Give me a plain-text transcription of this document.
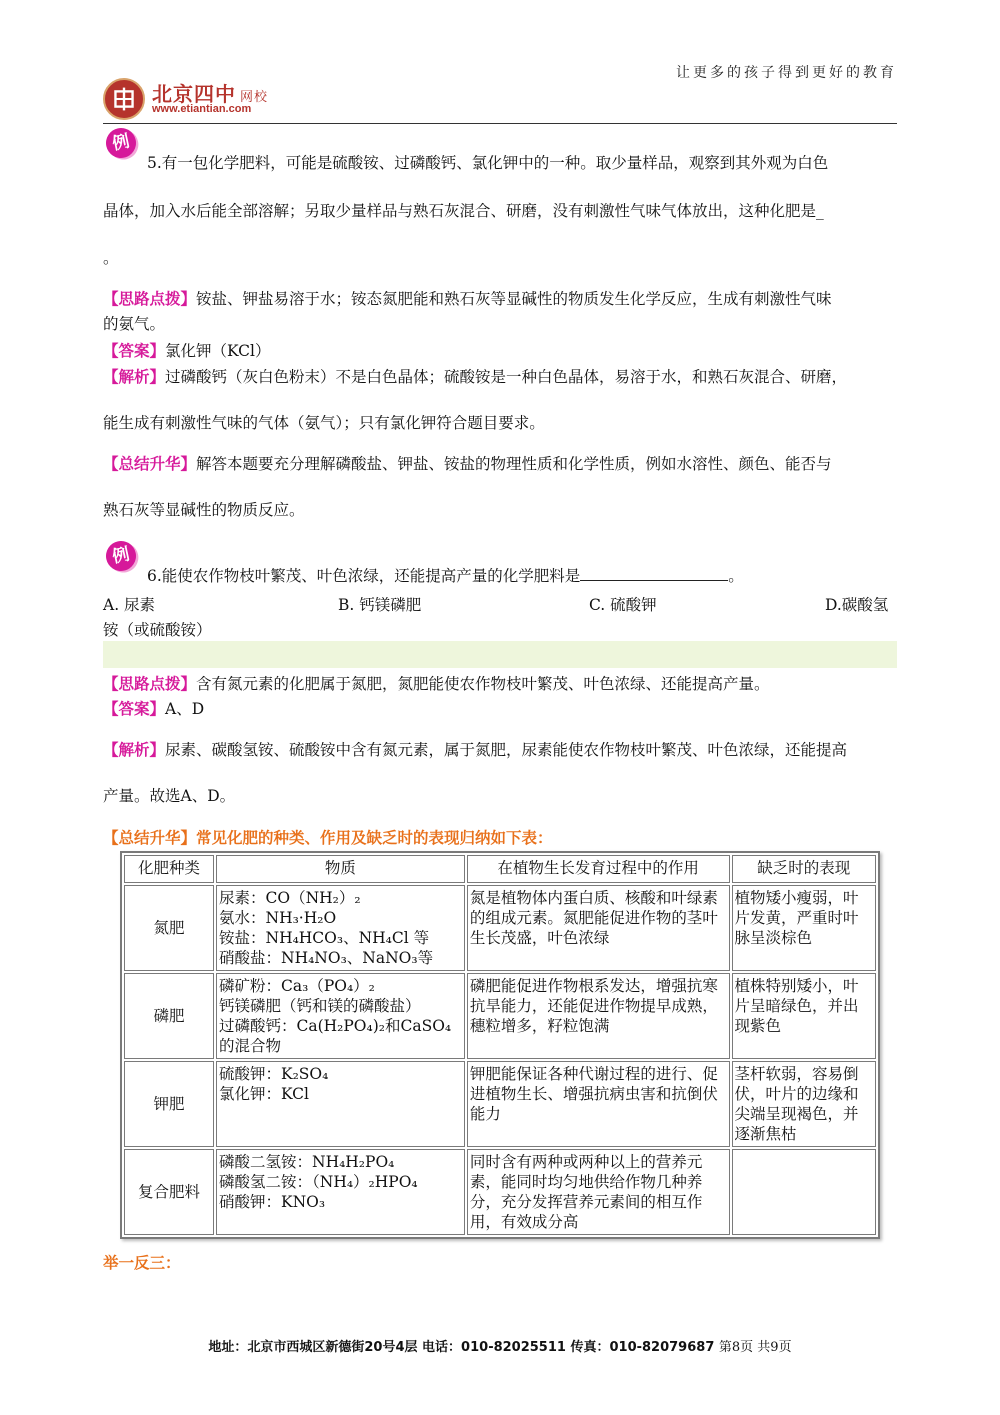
北京四中 网校
www.etiantian.com
让更多的孩子得到更好的教育
例
5.有一包化学肥料，可能是硫酸铵、过磷酸钙、氯化钾中的一种。取少量样品，观察到其外观为白色
晶体，加入水后能全部溶解；另取少量样品与熟石灰混合、研磨，没有刺激性气味气体放出，这种化肥是_
。
【思路点拨】铵盐、钾盐易溶于水；铵态氮肥能和熟石灰等显碱性的物质发生化学反应，生成有刺激性气味
的氨气。
【答案】氯化钾（KCl）
【解析】过磷酸钙（灰白色粉末）不是白色晶体；硫酸铵是一种白色晶体，易溶于水，和熟石灰混合、研磨，
能生成有刺激性气味的气体（氨气）；只有氯化钾符合题目要求。
【总结升华】解答本题要充分理解磷酸盐、钾盐、铵盐的物理性质和化学性质，例如水溶性、颜色、能否与
熟石灰等显碱性的物质反应。
例
6.能使农作物枝叶繁茂、叶色浓绿，还能提高产量的化学肥料是	。
A. 尿素	B. 钙镁磷肥	C. 硫酸钾	D.碳酸氢
铵（或硫酸铵）
【思路点拨】含有氮元素的化肥属于氮肥，氮肥能使农作物枝叶繁茂、叶色浓绿、还能提高产量。
【答案】A、D
【解析】尿素、碳酸氢铵、硫酸铵中含有氮元素，属于氮肥，尿素能使农作物枝叶繁茂、叶色浓绿，还能提高
产量。故选A、D。
【总结升华】常见化肥的种类、作用及缺乏时的表现归纳如下表：
化肥种类	物质	在植物生长发育过程中的作用	缺乏时的表现
氮肥	尿素：CO（NH₂）₂
氨水：NH₃·H₂O
铵盐：NH₄HCO₃、NH₄Cl 等
硝酸盐：NH₄NO₃、NaNO₃等	氮是植物体内蛋白质、核酸和叶绿素的组成元素。氮肥能促进作物的茎叶生长茂盛，叶色浓绿	植物矮小瘦弱，叶片发黄，严重时叶脉呈淡棕色
磷肥	磷矿粉：Ca₃（PO₄）₂
钙镁磷肥（钙和镁的磷酸盐）
过磷酸钙：Ca(H₂PO₄)₂和CaSO₄的混合物	磷肥能促进作物根系发达，增强抗寒抗旱能力，还能促进作物提早成熟，穗粒增多，籽粒饱满	植株特别矮小，叶片呈暗绿色，并出现紫色
钾肥	硫酸钾：K₂SO₄
氯化钾：KCl	钾肥能保证各种代谢过程的进行、促进植物生长、增强抗病虫害和抗倒伏能力	茎杆软弱，容易倒伏，叶片的边缘和尖端呈现褐色，并逐渐焦枯
复合肥料	磷酸二氢铵：NH₄H₂PO₄
磷酸氢二铵：（NH₄）₂HPO₄
硝酸钾：KNO₃	同时含有两种或两种以上的营养元素，能同时均匀地供给作物几种养分，充分发挥营养元素间的相互作用，有效成分高	
举一反三：
地址：北京市西城区新德街20号4层 电话：010-82025511 传真：010-82079687 第8页 共9页
